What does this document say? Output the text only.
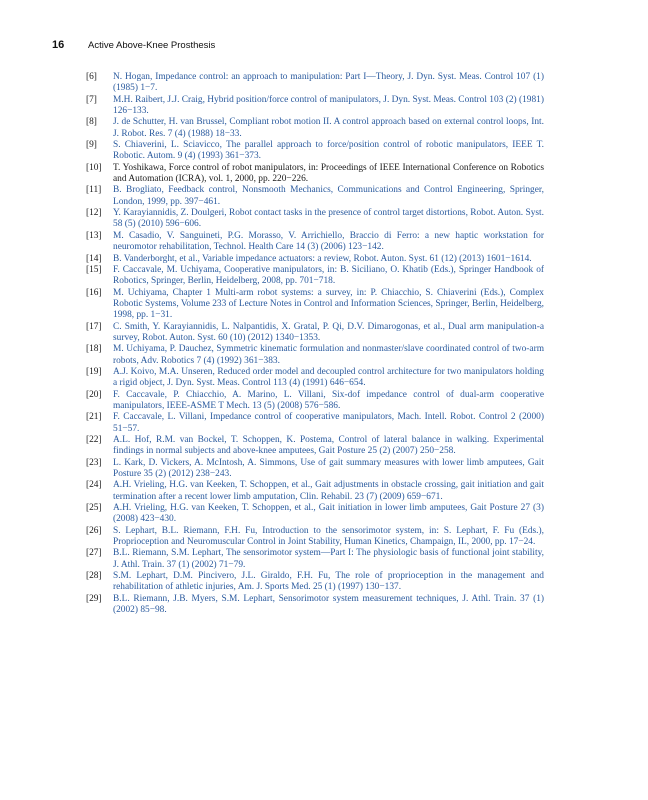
16	Active Above-Knee Prosthesis
[6] N. Hogan, Impedance control: an approach to manipulation: Part I—Theory, J. Dyn. Syst. Meas. Control 107 (1) (1985) 1−7.
[7] M.H. Raibert, J.J. Craig, Hybrid position/force control of manipulators, J. Dyn. Syst. Meas. Control 103 (2) (1981) 126−133.
[8] J. de Schutter, H. van Brussel, Compliant robot motion II. A control approach based on external control loops, Int. J. Robot. Res. 7 (4) (1988) 18−33.
[9] S. Chiaverini, L. Sciavicco, The parallel approach to force/position control of robotic manipulators, IEEE T. Robotic. Autom. 9 (4) (1993) 361−373.
[10] T. Yoshikawa, Force control of robot manipulators, in: Proceedings of IEEE International Conference on Robotics and Automation (ICRA), vol. 1, 2000, pp. 220−226.
[11] B. Brogliato, Feedback control, Nonsmooth Mechanics, Communications and Control Engineering, Springer, London, 1999, pp. 397−461.
[12] Y. Karayiannidis, Z. Doulgeri, Robot contact tasks in the presence of control target distortions, Robot. Auton. Syst. 58 (5) (2010) 596−606.
[13] M. Casadio, V. Sanguineti, P.G. Morasso, V. Arrichiello, Braccio di Ferro: a new haptic workstation for neuromotor rehabilitation, Technol. Health Care 14 (3) (2006) 123−142.
[14] B. Vanderborght, et al., Variable impedance actuators: a review, Robot. Auton. Syst. 61 (12) (2013) 1601−1614.
[15] F. Caccavale, M. Uchiyama, Cooperative manipulators, in: B. Siciliano, O. Khatib (Eds.), Springer Handbook of Robotics, Springer, Berlin, Heidelberg, 2008, pp. 701−718.
[16] M. Uchiyama, Chapter 1 Multi-arm robot systems: a survey, in: P. Chiacchio, S. Chiaverini (Eds.), Complex Robotic Systems, Volume 233 of Lecture Notes in Control and Information Sciences, Springer, Berlin, Heidelberg, 1998, pp. 1−31.
[17] C. Smith, Y. Karayiannidis, L. Nalpantidis, X. Gratal, P. Qi, D.V. Dimarogonas, et al., Dual arm manipulation-a survey, Robot. Auton. Syst. 60 (10) (2012) 1340−1353.
[18] M. Uchiyama, P. Dauchez, Symmetric kinematic formulation and nonmaster/slave coordinated control of two-arm robots, Adv. Robotics 7 (4) (1992) 361−383.
[19] A.J. Koivo, M.A. Unseren, Reduced order model and decoupled control architecture for two manipulators holding a rigid object, J. Dyn. Syst. Meas. Control 113 (4) (1991) 646−654.
[20] F. Caccavale, P. Chiacchio, A. Marino, L. Villani, Six-dof impedance control of dual-arm cooperative manipulators, IEEE-ASME T Mech. 13 (5) (2008) 576−586.
[21] F. Caccavale, L. Villani, Impedance control of cooperative manipulators, Mach. Intell. Robot. Control 2 (2000) 51−57.
[22] A.L. Hof, R.M. van Bockel, T. Schoppen, K. Postema, Control of lateral balance in walking. Experimental findings in normal subjects and above-knee amputees, Gait Posture 25 (2) (2007) 250−258.
[23] L. Kark, D. Vickers, A. McIntosh, A. Simmons, Use of gait summary measures with lower limb amputees, Gait Posture 35 (2) (2012) 238−243.
[24] A.H. Vrieling, H.G. van Keeken, T. Schoppen, et al., Gait adjustments in obstacle crossing, gait initiation and gait termination after a recent lower limb amputation, Clin. Rehabil. 23 (7) (2009) 659−671.
[25] A.H. Vrieling, H.G. van Keeken, T. Schoppen, et al., Gait initiation in lower limb amputees, Gait Posture 27 (3) (2008) 423−430.
[26] S. Lephart, B.L. Riemann, F.H. Fu, Introduction to the sensorimotor system, in: S. Lephart, F. Fu (Eds.), Proprioception and Neuromuscular Control in Joint Stability, Human Kinetics, Champaign, IL, 2000, pp. 17−24.
[27] B.L. Riemann, S.M. Lephart, The sensorimotor system—Part I: The physiologic basis of functional joint stability, J. Athl. Train. 37 (1) (2002) 71−79.
[28] S.M. Lephart, D.M. Pincivero, J.L. Giraldo, F.H. Fu, The role of proprioception in the management and rehabilitation of athletic injuries, Am. J. Sports Med. 25 (1) (1997) 130−137.
[29] B.L. Riemann, J.B. Myers, S.M. Lephart, Sensorimotor system measurement techniques, J. Athl. Train. 37 (1) (2002) 85−98.
